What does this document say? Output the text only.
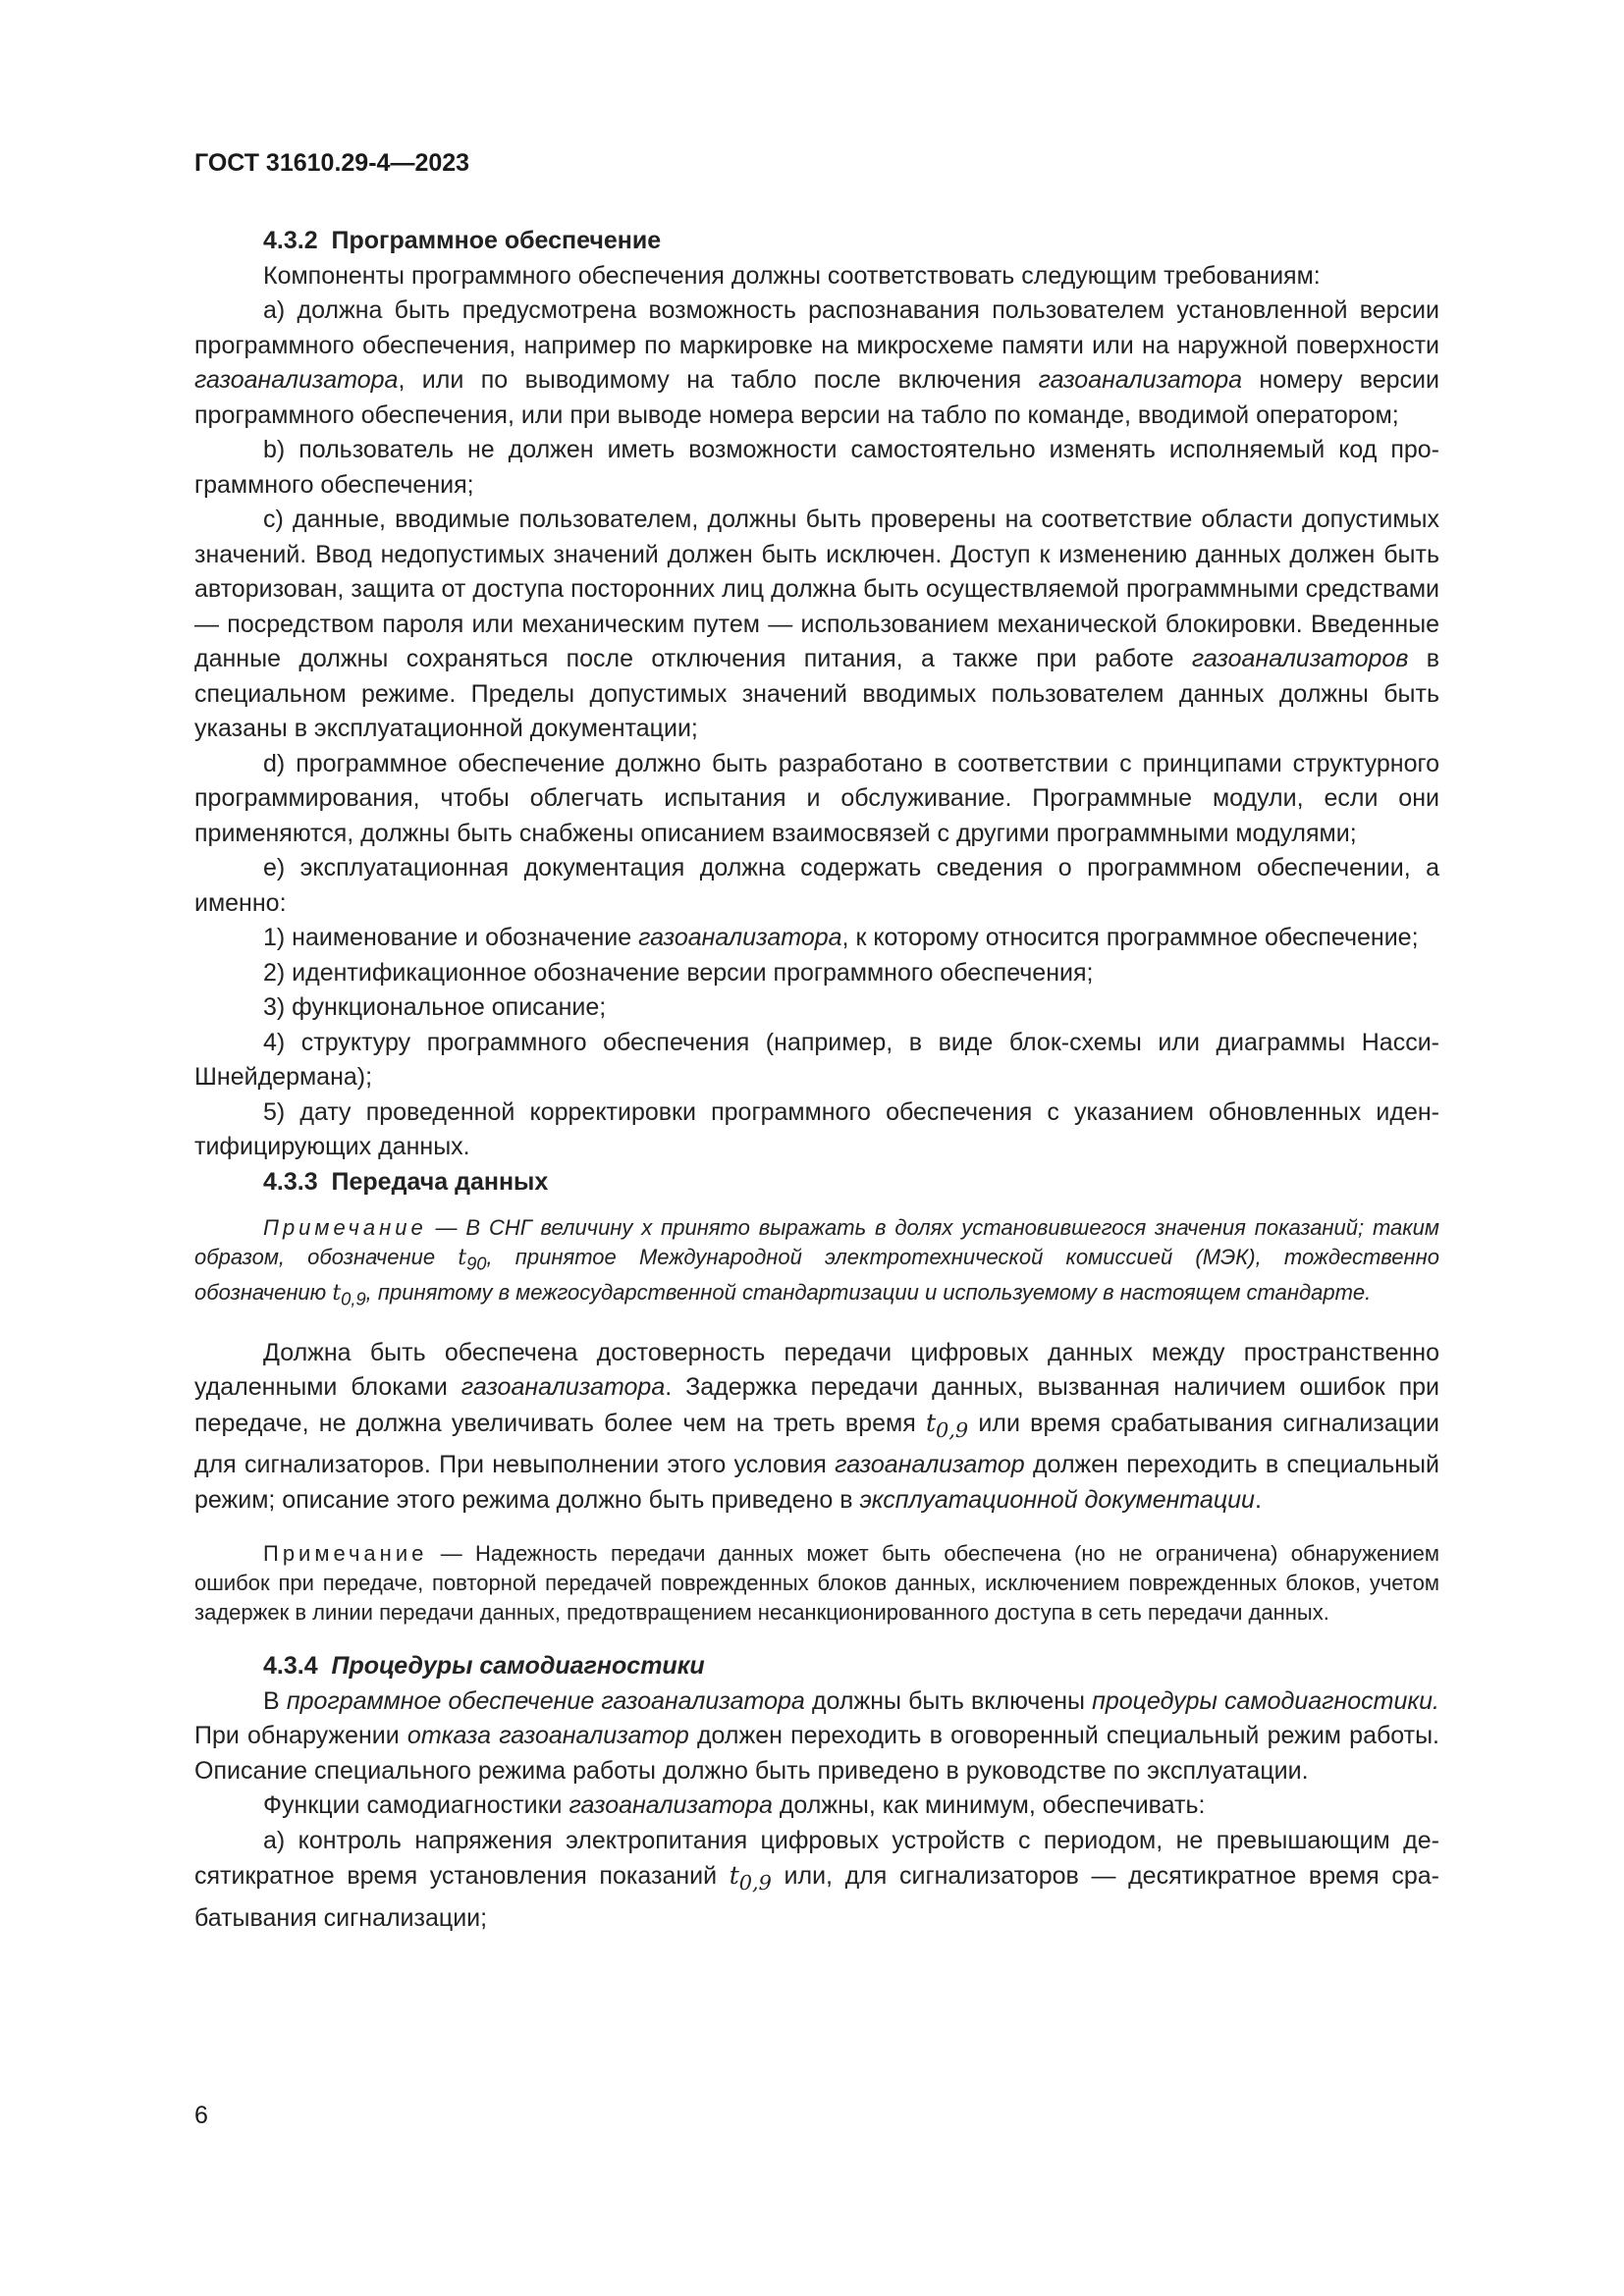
ГОСТ 31610.29-4—2023
4.3.2 Программное обеспечение

Компоненты программного обеспечения должны соответствовать следующим требованиям:

а) должна быть предусмотрена возможность распознавания пользователем установленной версии программного обеспечения, например по маркировке на микросхеме памяти или на наружной поверхности газоанализатора, или по выводимому на табло после включения газоанализатора номеру версии программного обеспечения, или при выводе номера версии на табло по команде, вводимой оператором;

b) пользователь не должен иметь возможности самостоятельно изменять исполняемый код программного обеспечения;

c) данные, вводимые пользователем, должны быть проверены на соответствие области допустимых значений. Ввод недопустимых значений должен быть исключен. Доступ к изменению данных должен быть авторизован, защита от доступа посторонних лиц должна быть осуществляемой программными средствами — посредством пароля или механическим путем — использованием механической блокировки. Введенные данные должны сохраняться после отключения питания, а также при работе газоанализаторов в специальном режиме. Пределы допустимых значений вводимых пользователем данных должны быть указаны в эксплуатационной документации;

d) программное обеспечение должно быть разработано в соответствии с принципами структурного программирования, чтобы облегчать испытания и обслуживание. Программные модули, если они применяются, должны быть снабжены описанием взаимосвязей с другими программными модулями;

e) эксплуатационная документация должна содержать сведения о программном обеспечении, а именно:

1) наименование и обозначение газоанализатора, к которому относится программное обеспечение;

2) идентификационное обозначение версии программного обеспечения;

3) функциональное описание;

4) структуру программного обеспечения (например, в виде блок-схемы или диаграммы Насси-Шнейдермана);

5) дату проведенной корректировки программного обеспечения с указанием обновленных идентифицирующих данных.

4.3.3 Передача данных

Примечание — В СНГ величину x принято выражать в долях установившегося значения показаний; таким образом, обозначение $t_{90}$, принятое Международной электротехнической комиссией (МЭК), тождественно обозначению $t_{0,9}$, принятому в межгосударственной стандартизации и используемому в настоящем стандарте.

Должна быть обеспечена достоверность передачи цифровых данных между пространственно удаленными блоками газоанализатора. Задержка передачи данных, вызванная наличием ошибок при передаче, не должна увеличивать более чем на треть время $t_{0,9}$ или время срабатывания сигнализации для сигнализаторов. При невыполнении этого условия газоанализатор должен переходить в специальный режим; описание этого режима должно быть приведено в эксплуатационной документации.

Примечание — Надежность передачи данных может быть обеспечена (но не ограничена) обнаружением ошибок при передаче, повторной передачей поврежденных блоков данных, исключением поврежденных блоков, учетом задержек в линии передачи данных, предотвращением несанкционированного доступа в сеть передачи данных.

4.3.4 Процедуры самодиагностики

В программное обеспечение газоанализатора должны быть включены процедуры самодиагностики. При обнаружении отказа газоанализатор должен переходить в оговоренный специальный режим работы. Описание специального режима работы должно быть приведено в руководстве по эксплуатации.

Функции самодиагностики газоанализатора должны, как минимум, обеспечивать:

а) контроль напряжения электропитания цифровых устройств с периодом, не превышающим десятикратное время установления показаний $t_{0,9}$ или, для сигнализаторов — десятикратное время срабатывания сигнализации;

6
